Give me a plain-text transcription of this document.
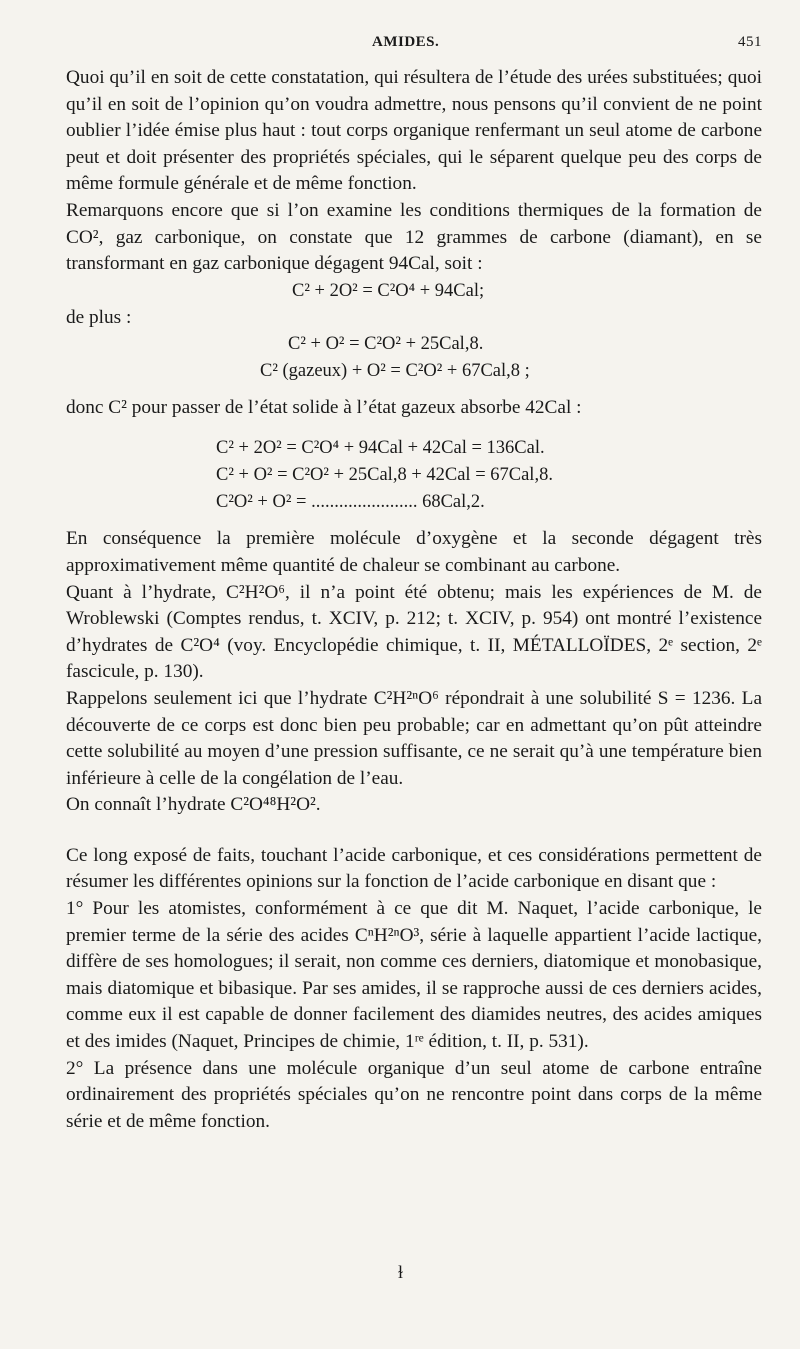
AMIDES.	451

Quoi qu’il en soit de cette constatation, qui résultera de l’étude des urées substituées; quoi qu’il en soit de l’opinion qu’on voudra admettre, nous pensons qu’il convient de ne point oublier l’idée émise plus haut : tout corps organique renfermant un seul atome de carbone peut et doit présenter des propriétés spéciales, qui le séparent quelque peu des corps de même formule générale et de même fonction.

Remarquons encore que si l’on examine les conditions thermiques de la formation de CO², gaz carbonique, on constate que 12 grammes de carbone (diamant), en se transformant en gaz carbonique dégagent 94Cal, soit :

C² + 2O² = C²O⁴ + 94Cal;
de plus :
C² + O² = C²O² + 25Cal,8.
C² (gazeux) + O² = C²O² + 67Cal,8 ;

donc C² pour passer de l’état solide à l’état gazeux absorbe 42Cal :

C² + 2O² = C²O⁴ + 94Cal + 42Cal = 136Cal.
C² + O² = C²O² + 25Cal,8 + 42Cal = 67Cal,8.
C²O² + O² = ....................... 68Cal,2.

En conséquence la première molécule d’oxygène et la seconde dégagent très approximativement même quantité de chaleur se combinant au carbone.

Quant à l’hydrate, C²H²O⁶, il n’a point été obtenu; mais les expériences de M. de Wroblewski (Comptes rendus, t. XCIV, p. 212; t. XCIV, p. 954) ont montré l’existence d’hydrates de C²O⁴ (voy. Encyclopédie chimique, t. II, MÉTALLOÏDES, 2ᵉ section, 2ᵉ fascicule, p. 130).

Rappelons seulement ici que l’hydrate C²H²ⁿO⁶ répondrait à une solubilité S = 1236. La découverte de ce corps est donc bien peu probable; car en admettant qu’on pût atteindre cette solubilité au moyen d’une pression suffisante, ce ne serait qu’à une température bien inférieure à celle de la congélation de l’eau.

On connaît l’hydrate C²O⁴⁸H²O².

Ce long exposé de faits, touchant l’acide carbonique, et ces considérations permettent de résumer les différentes opinions sur la fonction de l’acide carbonique en disant que :

1° Pour les atomistes, conformément à ce que dit M. Naquet, l’acide carbonique, le premier terme de la série des acides CⁿH²ⁿO³, série à laquelle appartient l’acide lactique, diffère de ses homologues; il serait, non comme ces derniers, diatomique et monobasique, mais diatomique et bibasique. Par ses amides, il se rapproche aussi de ces derniers acides, comme eux il est capable de donner facilement des diamides neutres, des acides amiques et des imides (Naquet, Principes de chimie, 1ʳᵉ édition, t. II, p. 531).

2° La présence dans une molécule organique d’un seul atome de carbone entraîne ordinairement des propriétés spéciales qu’on ne rencontre point dans corps de la même série et de même fonction.

ɫ
